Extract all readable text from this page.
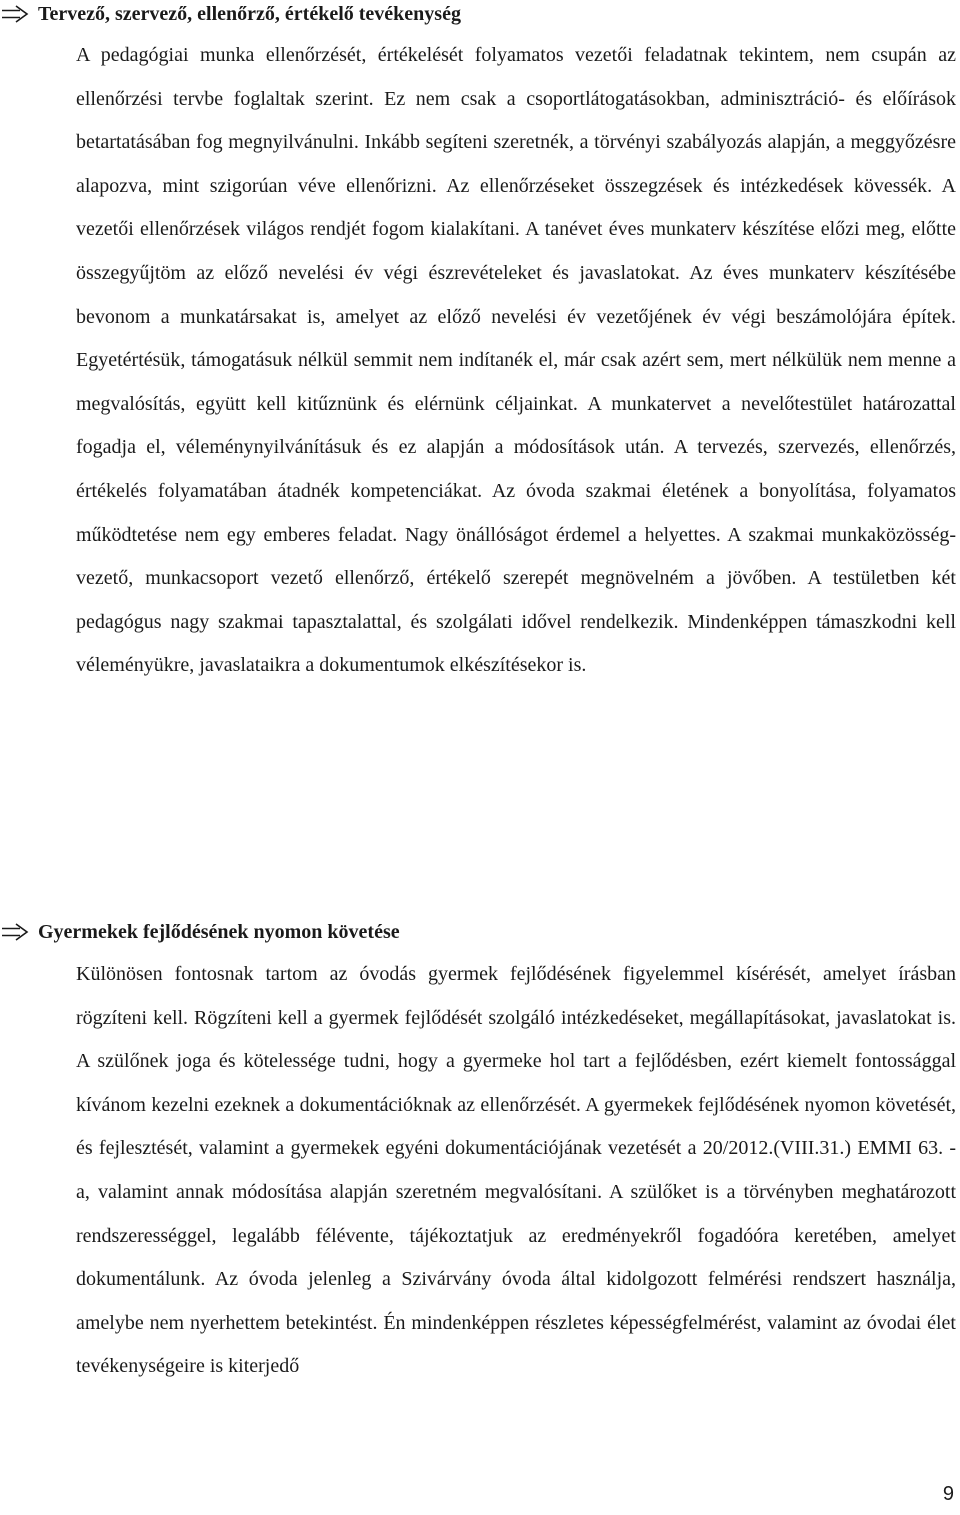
Tervező, szervező, ellenőrző, értékelő tevékenység

A pedagógiai munka ellenőrzését, értékelését folyamatos vezetői feladatnak tekintem, nem csupán az ellenőrzési tervbe foglaltak szerint. Ez nem csak a csoportlátogatásokban, adminisztráció- és előírások betartatásában fog megnyilvánulni. Inkább segíteni szeretnék, a törvényi szabályozás alapján, a meggyőzésre alapozva, mint szigorúan véve ellenőrizni. Az ellenőrzéseket összegzések és intézkedések kövessék. A vezetői ellenőrzések világos rendjét fogom kialakítani. A tanévet éves munkaterv készítése előzi meg, előtte összegyűjtöm az előző nevelési év végi észrevételeket és javaslatokat. Az éves munkaterv készítésébe bevonom a munkatársakat is, amelyet az előző nevelési év vezetőjének év végi beszámolójára építek. Egyetértésük, támogatásuk nélkül semmit nem indítanék el, már csak azért sem, mert nélkülük nem menne a megvalósítás, együtt kell kitűznünk és elérnünk céljainkat. A munkatervet a nevelőtestület határozattal fogadja el, véleménynyilvánításuk és ez alapján a módosítások után. A tervezés, szervezés, ellenőrzés, értékelés folyamatában átadnék kompetenciákat. Az óvoda szakmai életének a bonyolítása, folyamatos működtetése nem egy emberes feladat. Nagy önállóságot érdemel a helyettes. A szakmai munkaközösség-vezető, munkacsoport vezető ellenőrző, értékelő szerepét megnövelném a jövőben. A testületben két pedagógus nagy szakmai tapasztalattal, és szolgálati idővel rendelkezik. Mindenképpen támaszkodni kell véleményükre, javaslataikra a dokumentumok elkészítésekor is.

Gyermekek fejlődésének nyomon követése

Különösen fontosnak tartom az óvodás gyermek fejlődésének figyelemmel kísérését, amelyet írásban rögzíteni kell. Rögzíteni kell a gyermek fejlődését szolgáló intézkedéseket, megállapításokat, javaslatokat is. A szülőnek joga és kötelessége tudni, hogy a gyermeke hol tart a fejlődésben, ezért kiemelt fontossággal kívánom kezelni ezeknek a dokumentációknak az ellenőrzését. A gyermekek fejlődésének nyomon követését, és fejlesztését, valamint a gyermekek egyéni dokumentációjának vezetését a 20/2012.(VIII.31.) EMMI 63. - a, valamint annak módosítása alapján szeretném megvalósítani. A szülőket is a törvényben meghatározott rendszerességgel, legalább félévente, tájékoztatjuk az eredményekről fogadóóra keretében, amelyet dokumentálunk. Az óvoda jelenleg a Szivárvány óvoda által kidolgozott felmérési rendszert használja, amelybe nem nyerhettem betekintést. Én mindenképpen részletes képességfelmérést, valamint az óvodai élet tevékenységeire is kiterjedő

9
